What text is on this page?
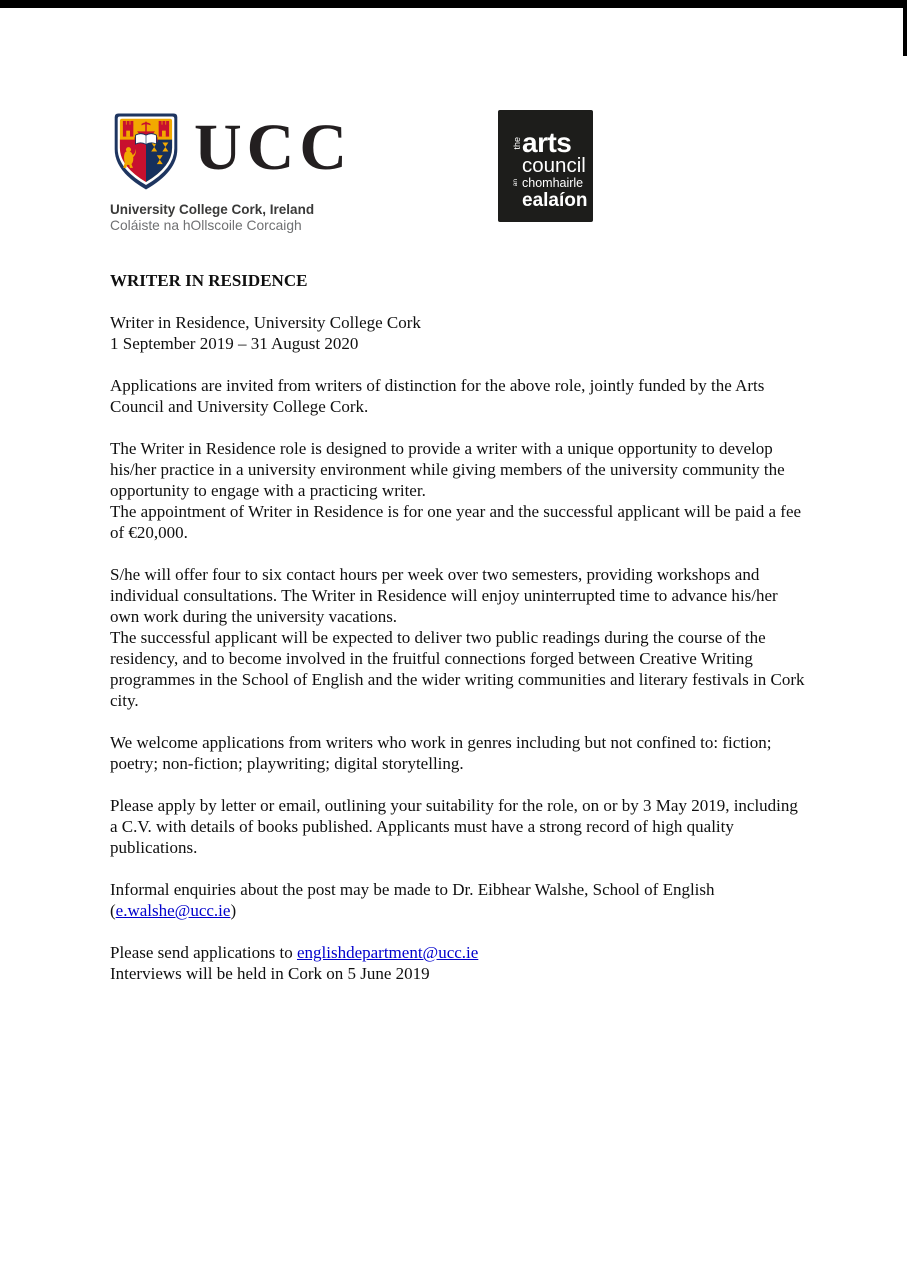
UCC
University College Cork, Ireland
Coláiste na hOllscoile Corcaigh
the arts
council
an chomhairle
ealaíon
WRITER IN RESIDENCE

Writer in Residence, University College Cork
1 September 2019 – 31 August 2020

Applications are invited from writers of distinction for the above role, jointly funded by the Arts Council and University College Cork.

The Writer in Residence role is designed to provide a writer with a unique opportunity to develop his/her practice in a university environment while giving members of the university community the opportunity to engage with a practicing writer.
The appointment of Writer in Residence is for one year and the successful applicant will be paid a fee of €20,000.

S/he will offer four to six contact hours per week over two semesters, providing workshops and individual consultations. The Writer in Residence will enjoy uninterrupted time to advance his/her own work during the university vacations.
The successful applicant will be expected to deliver two public readings during the course of the residency, and to become involved in the fruitful connections forged between Creative Writing programmes in the School of English and the wider writing communities and literary festivals in Cork city.

We welcome applications from writers who work in genres including but not confined to: fiction; poetry; non-fiction; playwriting; digital storytelling.

Please apply by letter or email, outlining your suitability for the role, on or by 3 May 2019, including a C.V. with details of books published. Applicants must have a strong record of high quality publications.

Informal enquiries about the post may be made to Dr. Eibhear Walshe, School of English (e.walshe@ucc.ie)

Please send applications to englishdepartment@ucc.ie
Interviews will be held in Cork on 5 June 2019
